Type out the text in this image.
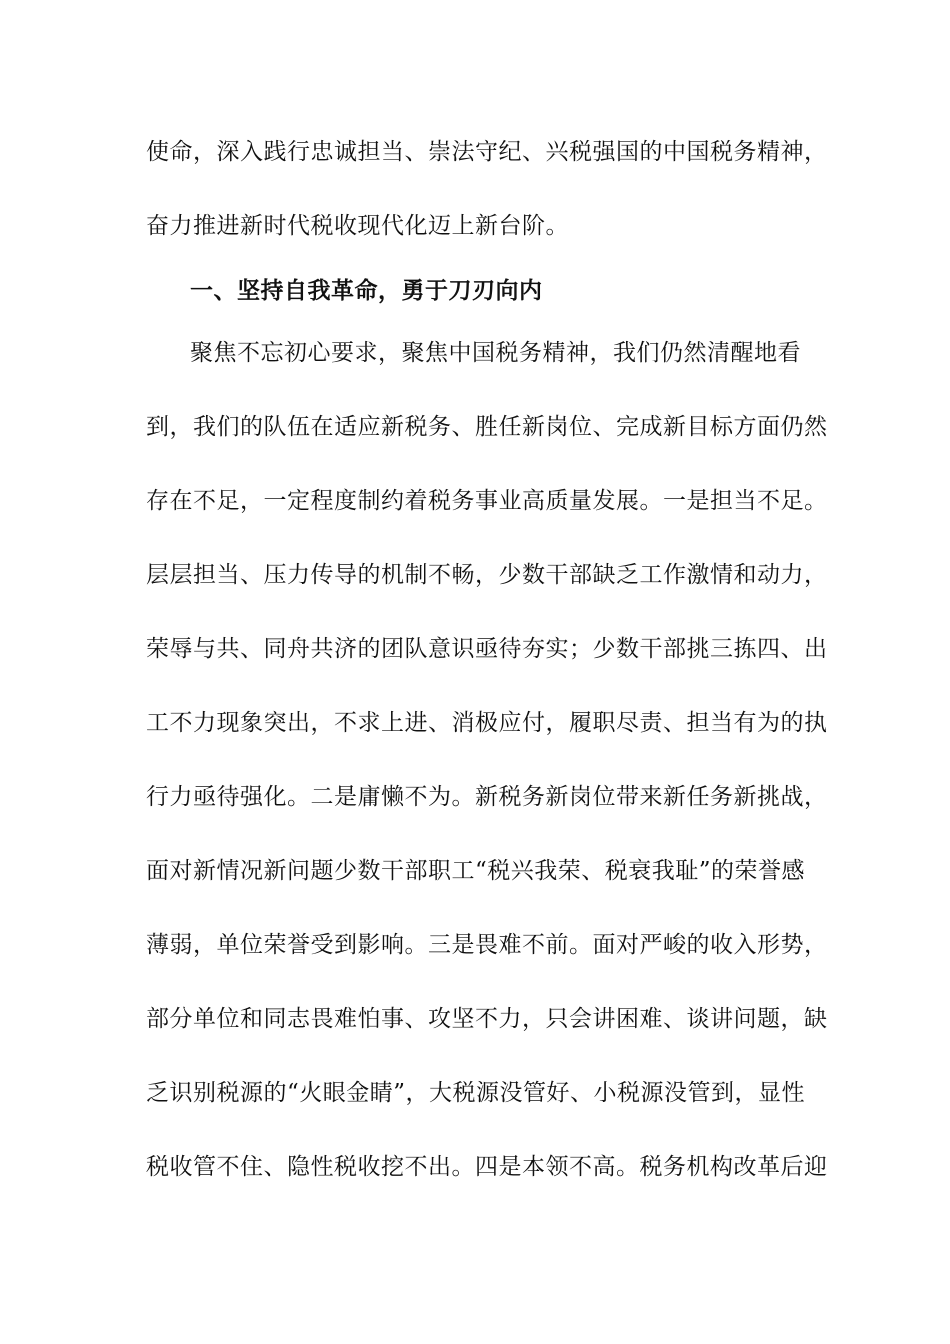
使命，深入践行忠诚担当、崇法守纪、兴税强国的中国税务精神，
奋力推进新时代税收现代化迈上新台阶。
一、坚持自我革命，勇于刀刃向内
聚焦不忘初心要求，聚焦中国税务精神，我们仍然清醒地看
到，我们的队伍在适应新税务、胜任新岗位、完成新目标方面仍然
存在不足，一定程度制约着税务事业高质量发展。一是担当不足。
层层担当、压力传导的机制不畅，少数干部缺乏工作激情和动力，
荣辱与共、同舟共济的团队意识亟待夯实；少数干部挑三拣四、出
工不力现象突出，不求上进、消极应付，履职尽责、担当有为的执
行力亟待强化。二是庸懒不为。新税务新岗位带来新任务新挑战，
面对新情况新问题少数干部职工“税兴我荣、税衰我耻”的荣誉感
薄弱，单位荣誉受到影响。三是畏难不前。面对严峻的收入形势，
部分单位和同志畏难怕事、攻坚不力，只会讲困难、谈讲问题，缺
乏识别税源的“火眼金睛”，大税源没管好、小税源没管到，显性
税收管不住、隐性税收挖不出。四是本领不高。税务机构改革后迎
